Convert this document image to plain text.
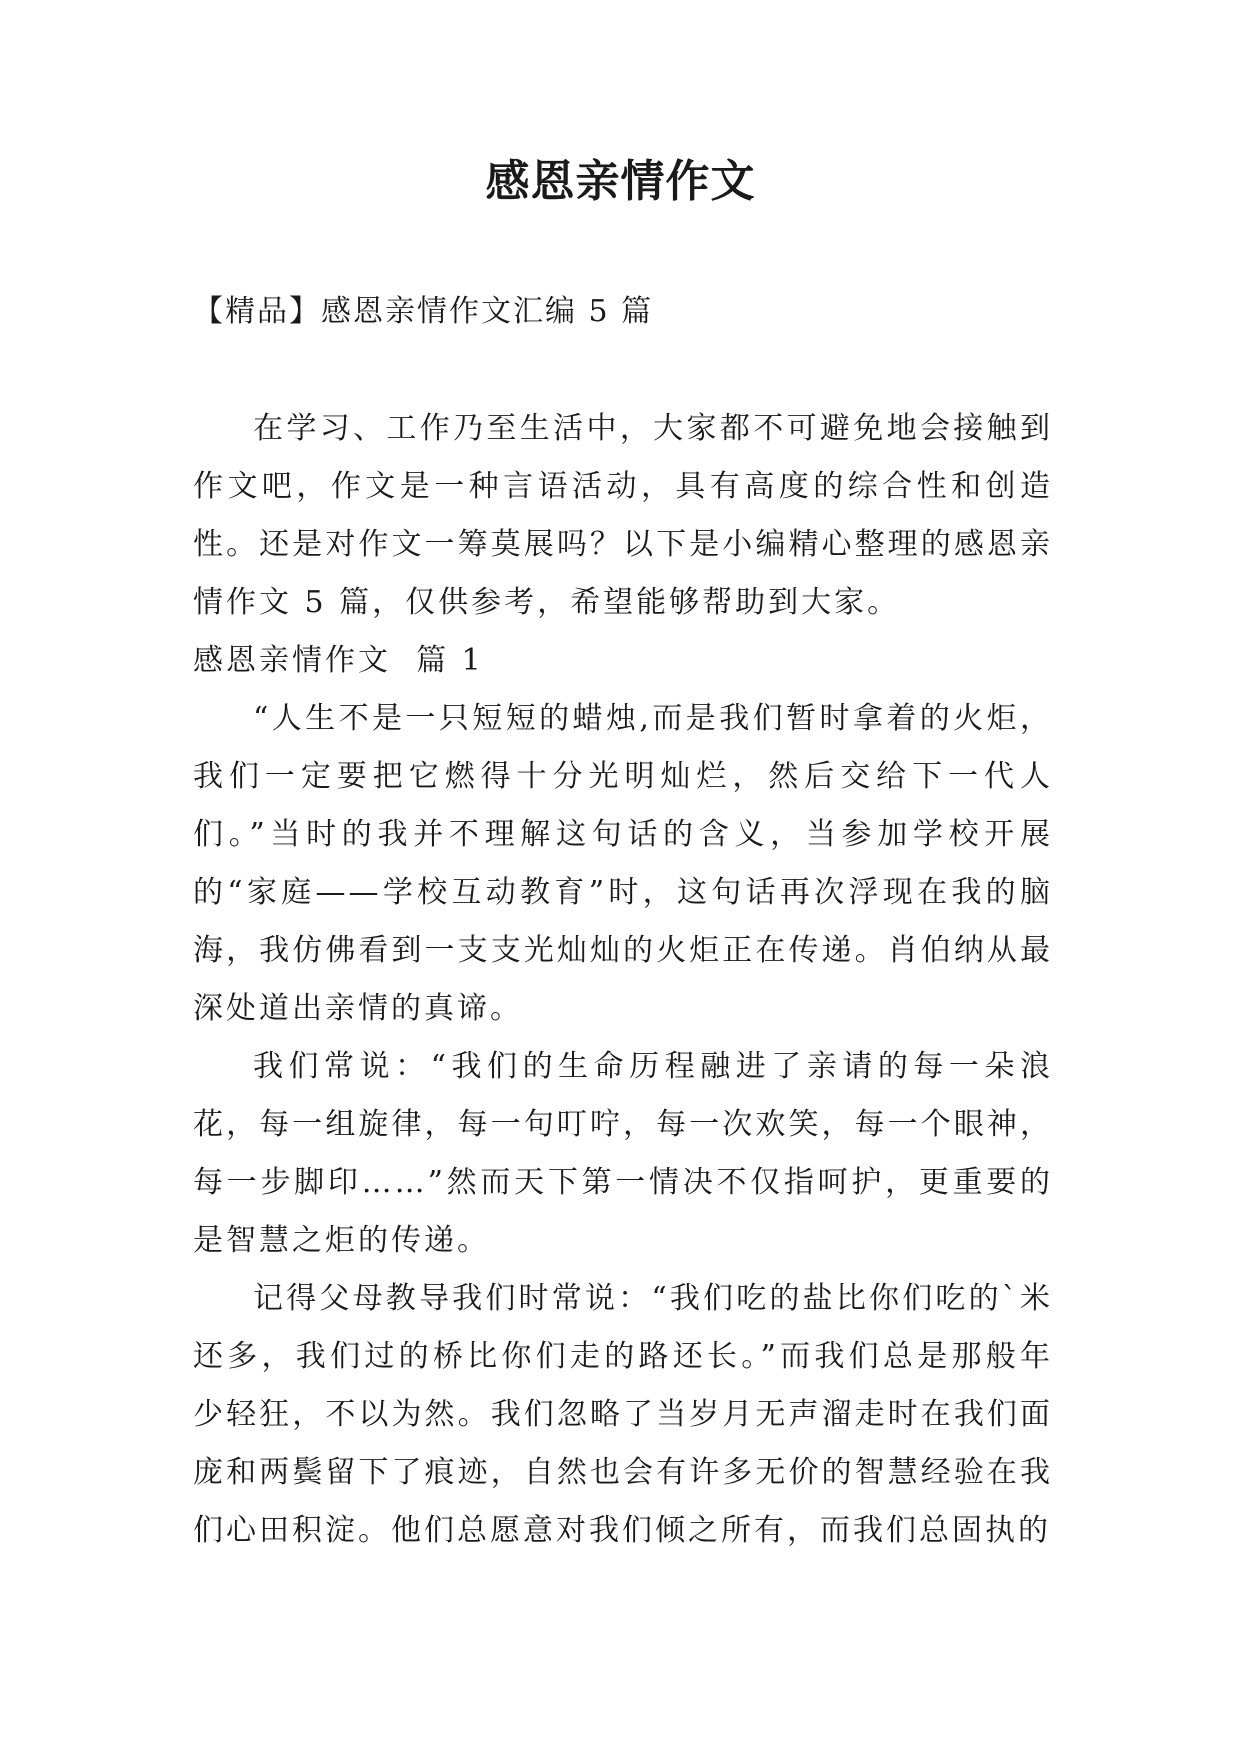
感恩亲情作文
【精品】感恩亲情作文汇编 5 篇

在学习、工作乃至生活中，大家都不可避免地会接触到作文吧，作文是一种言语活动，具有高度的综合性和创造性。还是对作文一筹莫展吗？以下是小编精心整理的感恩亲情作文 5 篇，仅供参考，希望能够帮助到大家。

感恩亲情作文  篇 1

“人生不是一只短短的蜡烛,而是我们暂时拿着的火炬，我们一定要把它燃得十分光明灿烂，然后交给下一代人们。”当时的我并不理解这句话的含义，当参加学校开展的“家庭——学校互动教育”时，这句话再次浮现在我的脑海，我仿佛看到一支支光灿灿的火炬正在传递。肖伯纳从最深处道出亲情的真谛。

我们常说：“我们的生命历程融进了亲请的每一朵浪花，每一组旋律，每一句叮咛，每一次欢笑，每一个眼神，每一步脚印……”然而天下第一情决不仅指呵护，更重要的是智慧之炬的传递。

记得父母教导我们时常说：“我们吃的盐比你们吃的`米还多，我们过的桥比你们走的路还长。”而我们总是那般年少轻狂，不以为然。我们忽略了当岁月无声溜走时在我们面庞和两鬓留下了痕迹，自然也会有许多无价的智慧经验在我们心田积淀。他们总愿意对我们倾之所有，而我们总固执的
